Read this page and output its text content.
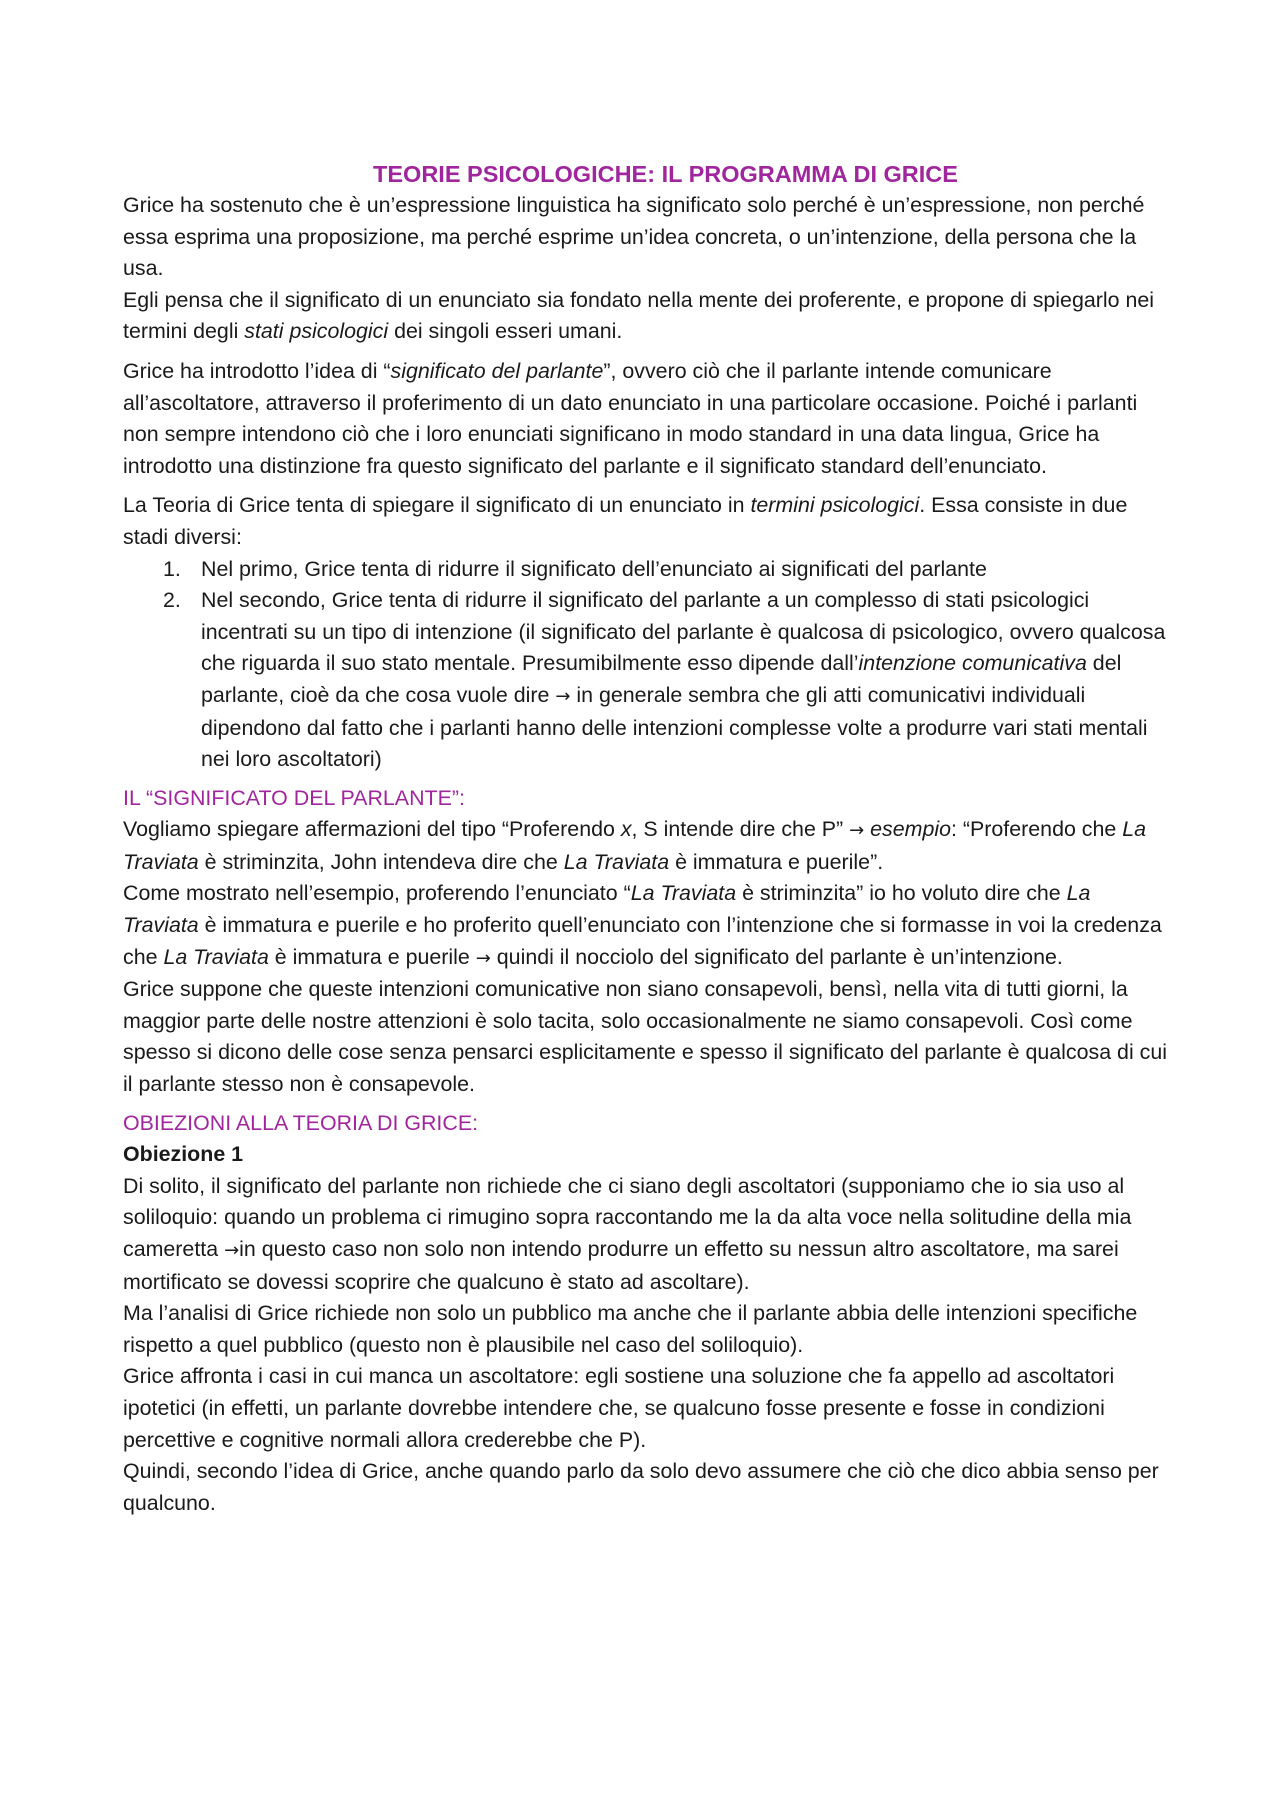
TEORIE PSICOLOGICHE: IL PROGRAMMA DI GRICE

Grice ha sostenuto che è un’espressione linguistica ha significato solo perché è un’espressione, non perché essa esprima una proposizione, ma perché esprime un’idea concreta, o un’intenzione, della persona che la usa.

Egli pensa che il significato di un enunciato sia fondato nella mente dei proferente, e propone di spiegarlo nei termini degli stati psicologici dei singoli esseri umani.

Grice ha introdotto l’idea di “significato del parlante”, ovvero ciò che il parlante intende comunicare all’ascoltatore, attraverso il proferimento di un dato enunciato in una particolare occasione. Poiché i parlanti non sempre intendono ciò che i loro enunciati significano in modo standard in una data lingua, Grice ha introdotto una distinzione fra questo significato del parlante e il significato standard dell’enunciato.

La Teoria di Grice tenta di spiegare il significato di un enunciato in termini psicologici. Essa consiste in due stadi diversi:

1. Nel primo, Grice tenta di ridurre il significato dell’enunciato ai significati del parlante
2. Nel secondo, Grice tenta di ridurre il significato del parlante a un complesso di stati psicologici incentrati su un tipo di intenzione (il significato del parlante è qualcosa di psicologico, ovvero qualcosa che riguarda il suo stato mentale. Presumibilmente esso dipende dall’intenzione comunicativa del parlante, cioè da che cosa vuole dire → in generale sembra che gli atti comunicativi individuali dipendono dal fatto che i parlanti hanno delle intenzioni complesse volte a produrre vari stati mentali nei loro ascoltatori)

IL “SIGNIFICATO DEL PARLANTE”:

Vogliamo spiegare affermazioni del tipo “Proferendo x, S intende dire che P” → esempio: “Proferendo che La Traviata è striminzita, John intendeva dire che La Traviata è immatura e puerile”.

Come mostrato nell’esempio, proferendo l’enunciato “La Traviata è striminzita” io ho voluto dire che La Traviata è immatura e puerile e ho proferito quell’enunciato con l’intenzione che si formasse in voi la credenza che La Traviata è immatura e puerile → quindi il nocciolo del significato del parlante è un’intenzione.

Grice suppone che queste intenzioni comunicative non siano consapevoli, bensì, nella vita di tutti giorni, la maggior parte delle nostre attenzioni è solo tacita, solo occasionalmente ne siamo consapevoli. Così come spesso si dicono delle cose senza pensarci esplicitamente e spesso il significato del parlante è qualcosa di cui il parlante stesso non è consapevole.

OBIEZIONI ALLA TEORIA DI GRICE:

Obiezione 1

Di solito, il significato del parlante non richiede che ci siano degli ascoltatori (supponiamo che io sia uso al soliloquio: quando un problema ci rimugino sopra raccontando me la da alta voce nella solitudine della mia cameretta →in questo caso non solo non intendo produrre un effetto su nessun altro ascoltatore, ma sarei mortificato se dovessi scoprire che qualcuno è stato ad ascoltare).

Ma l’analisi di Grice richiede non solo un pubblico ma anche che il parlante abbia delle intenzioni specifiche rispetto a quel pubblico (questo non è plausibile nel caso del soliloquio).

Grice affronta i casi in cui manca un ascoltatore: egli sostiene una soluzione che fa appello ad ascoltatori ipotetici (in effetti, un parlante dovrebbe intendere che, se qualcuno fosse presente e fosse in condizioni percettive e cognitive normali allora crederebbe che P).

Quindi, secondo l’idea di Grice, anche quando parlo da solo devo assumere che ciò che dico abbia senso per qualcuno.
